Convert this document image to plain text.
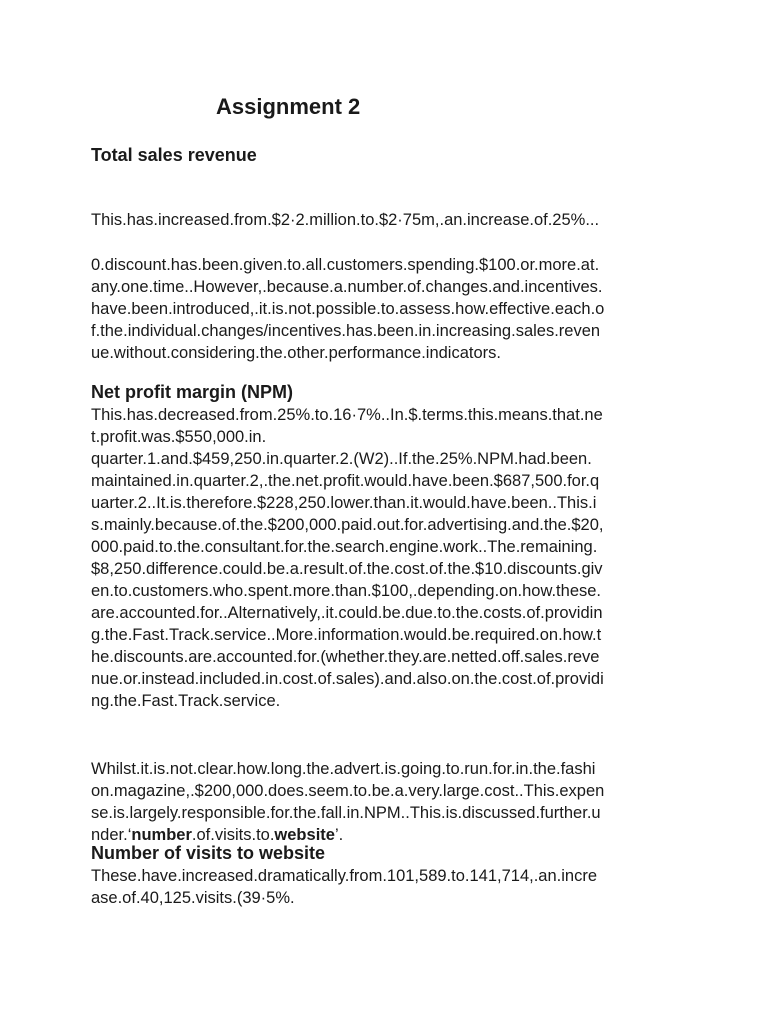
Assignment 2
Total sales revenue

This.has.increased.from.$2·2.million.to.$2·75m,.an.increase.of.25%...

0.discount.has.been.given.to.all.customers.spending.$100.or.more.at.
any.one.time..However,.because.a.number.of.changes.and.incentives.
have.been.introduced,.it.is.not.possible.to.assess.how.effective.each.o
f.the.individual.changes/incentives.has.been.in.increasing.sales.reven
ue.without.considering.the.other.performance.indicators.

Net profit margin (NPM)

This.has.decreased.from.25%.to.16·7%..In.$.terms.this.means.that.ne
t.profit.was.$550,000.in.
quarter.1.and.$459,250.in.quarter.2.(W2)..If.the.25%.NPM.had.been.
maintained.in.quarter.2,.the.net.profit.would.have.been.$687,500.for.q
uarter.2..It.is.therefore.$228,250.lower.than.it.would.have.been..This.i
s.mainly.because.of.the.$200,000.paid.out.for.advertising.and.the.$20,
000.paid.to.the.consultant.for.the.search.engine.work..The.remaining.
$8,250.difference.could.be.a.result.of.the.cost.of.the.$10.discounts.giv
en.to.customers.who.spent.more.than.$100,.depending.on.how.these.
are.accounted.for..Alternatively,.it.could.be.due.to.the.costs.of.providin
g.the.Fast.Track.service..More.information.would.be.required.on.how.t
he.discounts.are.accounted.for.(whether.they.are.netted.off.sales.reve
nue.or.instead.included.in.cost.of.sales).and.also.on.the.cost.of.providi
ng.the.Fast.Track.service.

Whilst.it.is.not.clear.how.long.the.advert.is.going.to.run.for.in.the.fashi
on.magazine,.$200,000.does.seem.to.be.a.very.large.cost..This.expen
se.is.largely.responsible.for.the.fall.in.NPM..This.is.discussed.further.u
nder.‘number.of.visits.to.website’.

Number of visits to website

These.have.increased.dramatically.from.101,589.to.141,714,.an.incre
ase.of.40,125.visits.(39·5%.
